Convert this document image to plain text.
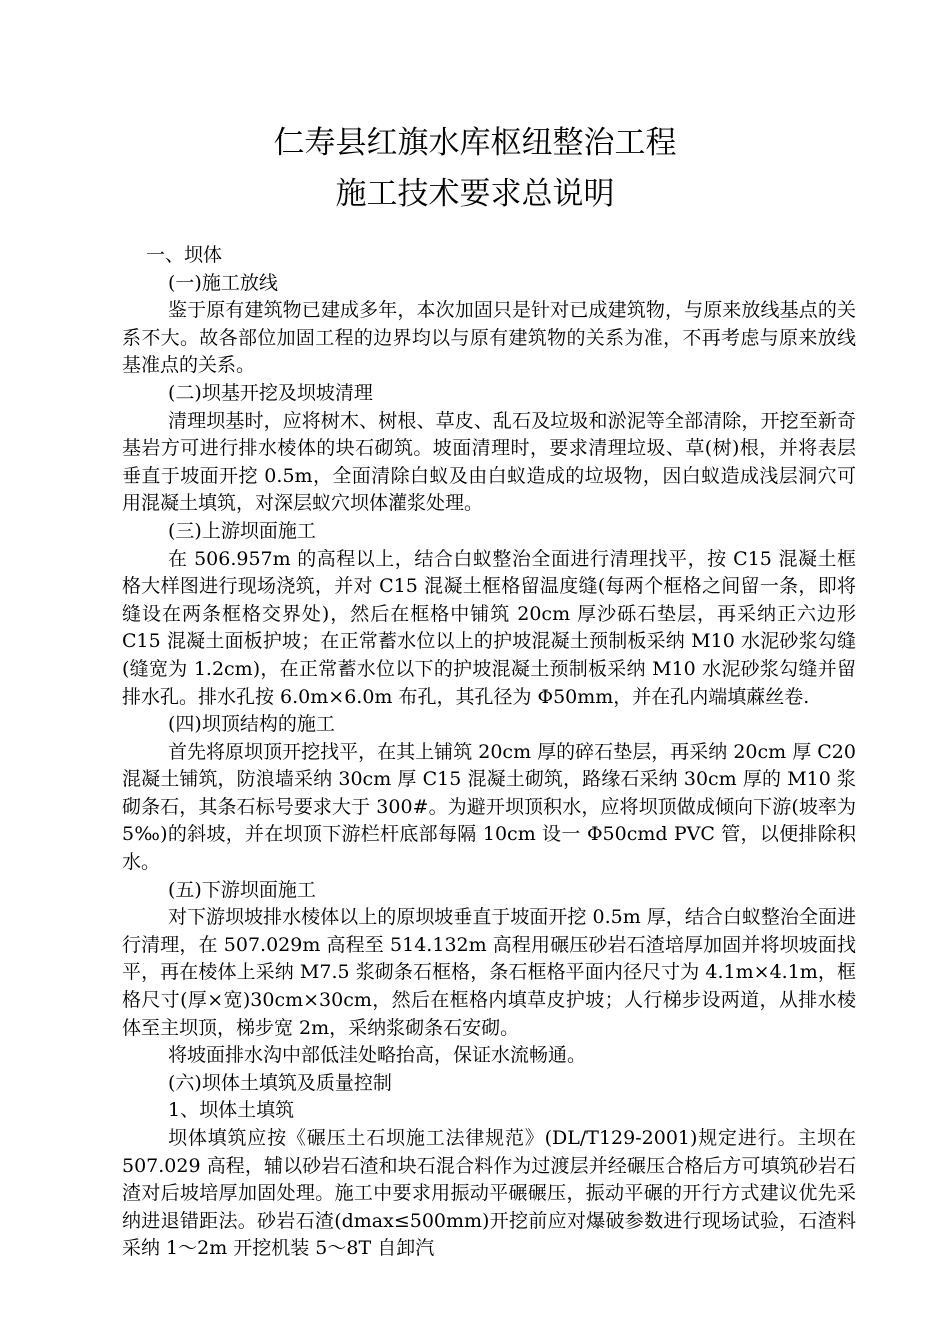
仁寿县红旗水库枢纽整治工程
施工技术要求总说明

一、坝体

(一)施工放线

鉴于原有建筑物已建成多年，本次加固只是针对已成建筑物，与原来放线基点的关系不大。故各部位加固工程的边界均以与原有建筑物的关系为准，不再考虑与原来放线基准点的关系。

(二)坝基开挖及坝坡清理

清理坝基时，应将树木、树根、草皮、乱石及垃圾和淤泥等全部清除，开挖至新奇基岩方可进行排水棱体的块石砌筑。坡面清理时，要求清理垃圾、草(树)根，并将表层垂直于坡面开挖 0.5m，全面清除白蚁及由白蚁造成的垃圾物，因白蚁造成浅层洞穴可用混凝土填筑，对深层蚁穴坝体灌浆处理。

(三)上游坝面施工

在 506.957m 的高程以上，结合白蚁整治全面进行清理找平，按 C15 混凝土框格大样图进行现场浇筑，并对 C15 混凝土框格留温度缝(每两个框格之间留一条，即将缝设在两条框格交界处)，然后在框格中铺筑 20cm 厚沙砾石垫层，再采纳正六边形 C15 混凝土面板护坡；在正常蓄水位以上的护坡混凝土预制板采纳 M10 水泥砂浆勾缝(缝宽为 1.2cm)，在正常蓄水位以下的护坡混凝土预制板采纳 M10 水泥砂浆勾缝并留排水孔。排水孔按 6.0m×6.0m 布孔，其孔径为 Φ50mm，并在孔内端填蔴丝卷.

(四)坝顶结构的施工

首先将原坝顶开挖找平，在其上铺筑 20cm 厚的碎石垫层，再采纳 20cm 厚 C20 混凝土铺筑，防浪墙采纳 30cm 厚 C15 混凝土砌筑，路缘石采纳 30cm 厚的 M10 浆砌条石，其条石标号要求大于 300#。为避开坝顶积水，应将坝顶做成倾向下游(坡率为 5‰)的斜坡，并在坝顶下游栏杆底部每隔 10cm 设一 Φ50cmd PVC 管，以便排除积水。

(五)下游坝面施工

对下游坝坡排水棱体以上的原坝坡垂直于坡面开挖 0.5m 厚，结合白蚁整治全面进行清理，在 507.029m 高程至 514.132m 高程用碾压砂岩石渣培厚加固并将坝坡面找平，再在棱体上采纳 M7.5 浆砌条石框格，条石框格平面内径尺寸为 4.1m×4.1m，框格尺寸(厚×宽)30cm×30cm，然后在框格内填草皮护坡；人行梯步设两道，从排水棱体至主坝顶，梯步宽 2m，采纳浆砌条石安砌。

将坡面排水沟中部低洼处略抬高，保证水流畅通。

(六)坝体土填筑及质量控制

1、坝体土填筑

坝体填筑应按《碾压土石坝施工法律规范》(DL/T129-2001)规定进行。主坝在 507.029 高程，辅以砂岩石渣和块石混合料作为过渡层并经碾压合格后方可填筑砂岩石渣对后坡培厚加固处理。施工中要求用振动平碾碾压，振动平碾的开行方式建议优先采纳进退错距法。砂岩石渣(dmax≤500mm)开挖前应对爆破参数进行现场试验，石渣料采纳 1～2m 开挖机装 5～8T 自卸汽
